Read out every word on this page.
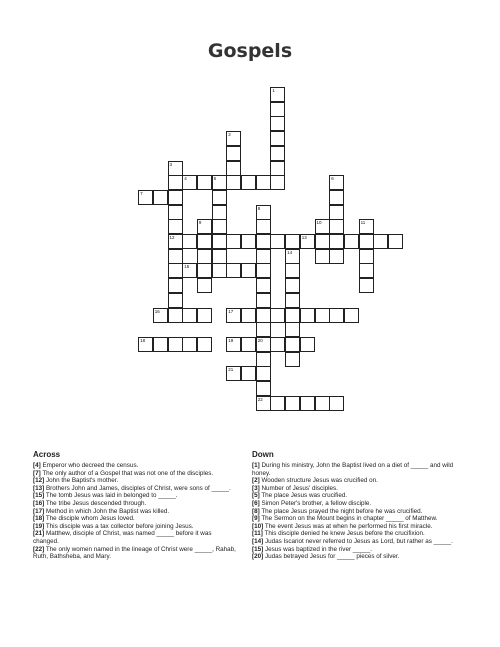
Gospels
1
2
3
12
4	5	6
7
8
20
9	10	11
13
14
15
16	17
18	19
22
21
Across

[4] Emperor who decreed the census.

[7] The only author of a Gospel that was not one of the disciples.

[12] John the Baptist's mother.

[13] Brothers John and James, disciples of Christ, were sons of _____.

[15] The tomb Jesus was laid in belonged to _____.

[16] The tribe Jesus descended through.

[17] Method in which John the Baptist was killed.

[18] The disciple whom Jesus loved.

[19] This disciple was a tax collector before joining Jesus.

[21] Matthew, disciple of Christ, was named _____ before it was changed.

[22] The only women named in the lineage of Christ were _____, Rahab, Ruth, Bathsheba, and Mary.

Down

[1] During his ministry, John the Baptist lived on a diet of _____ and wild honey.

[2] Wooden structure Jesus was crucified on.

[3] Number of Jesus' disciples.

[5] The place Jesus was crucified.

[6] Simon Peter's brother, a fellow disciple.

[8] The place Jesus prayed the night before he was crucified.

[9] The Sermon on the Mount begins in chapter _____ of Matthew.

[10] The event Jesus was at when he performed his first miracle.

[11] This disciple denied he knew Jesus before the crucifixion.

[14] Judas Iscariot never referred to Jesus as Lord, but rather as _____.

[15] Jesus was baptized in the river _____.

[20] Judas betrayed Jesus for _____ pieces of silver.
